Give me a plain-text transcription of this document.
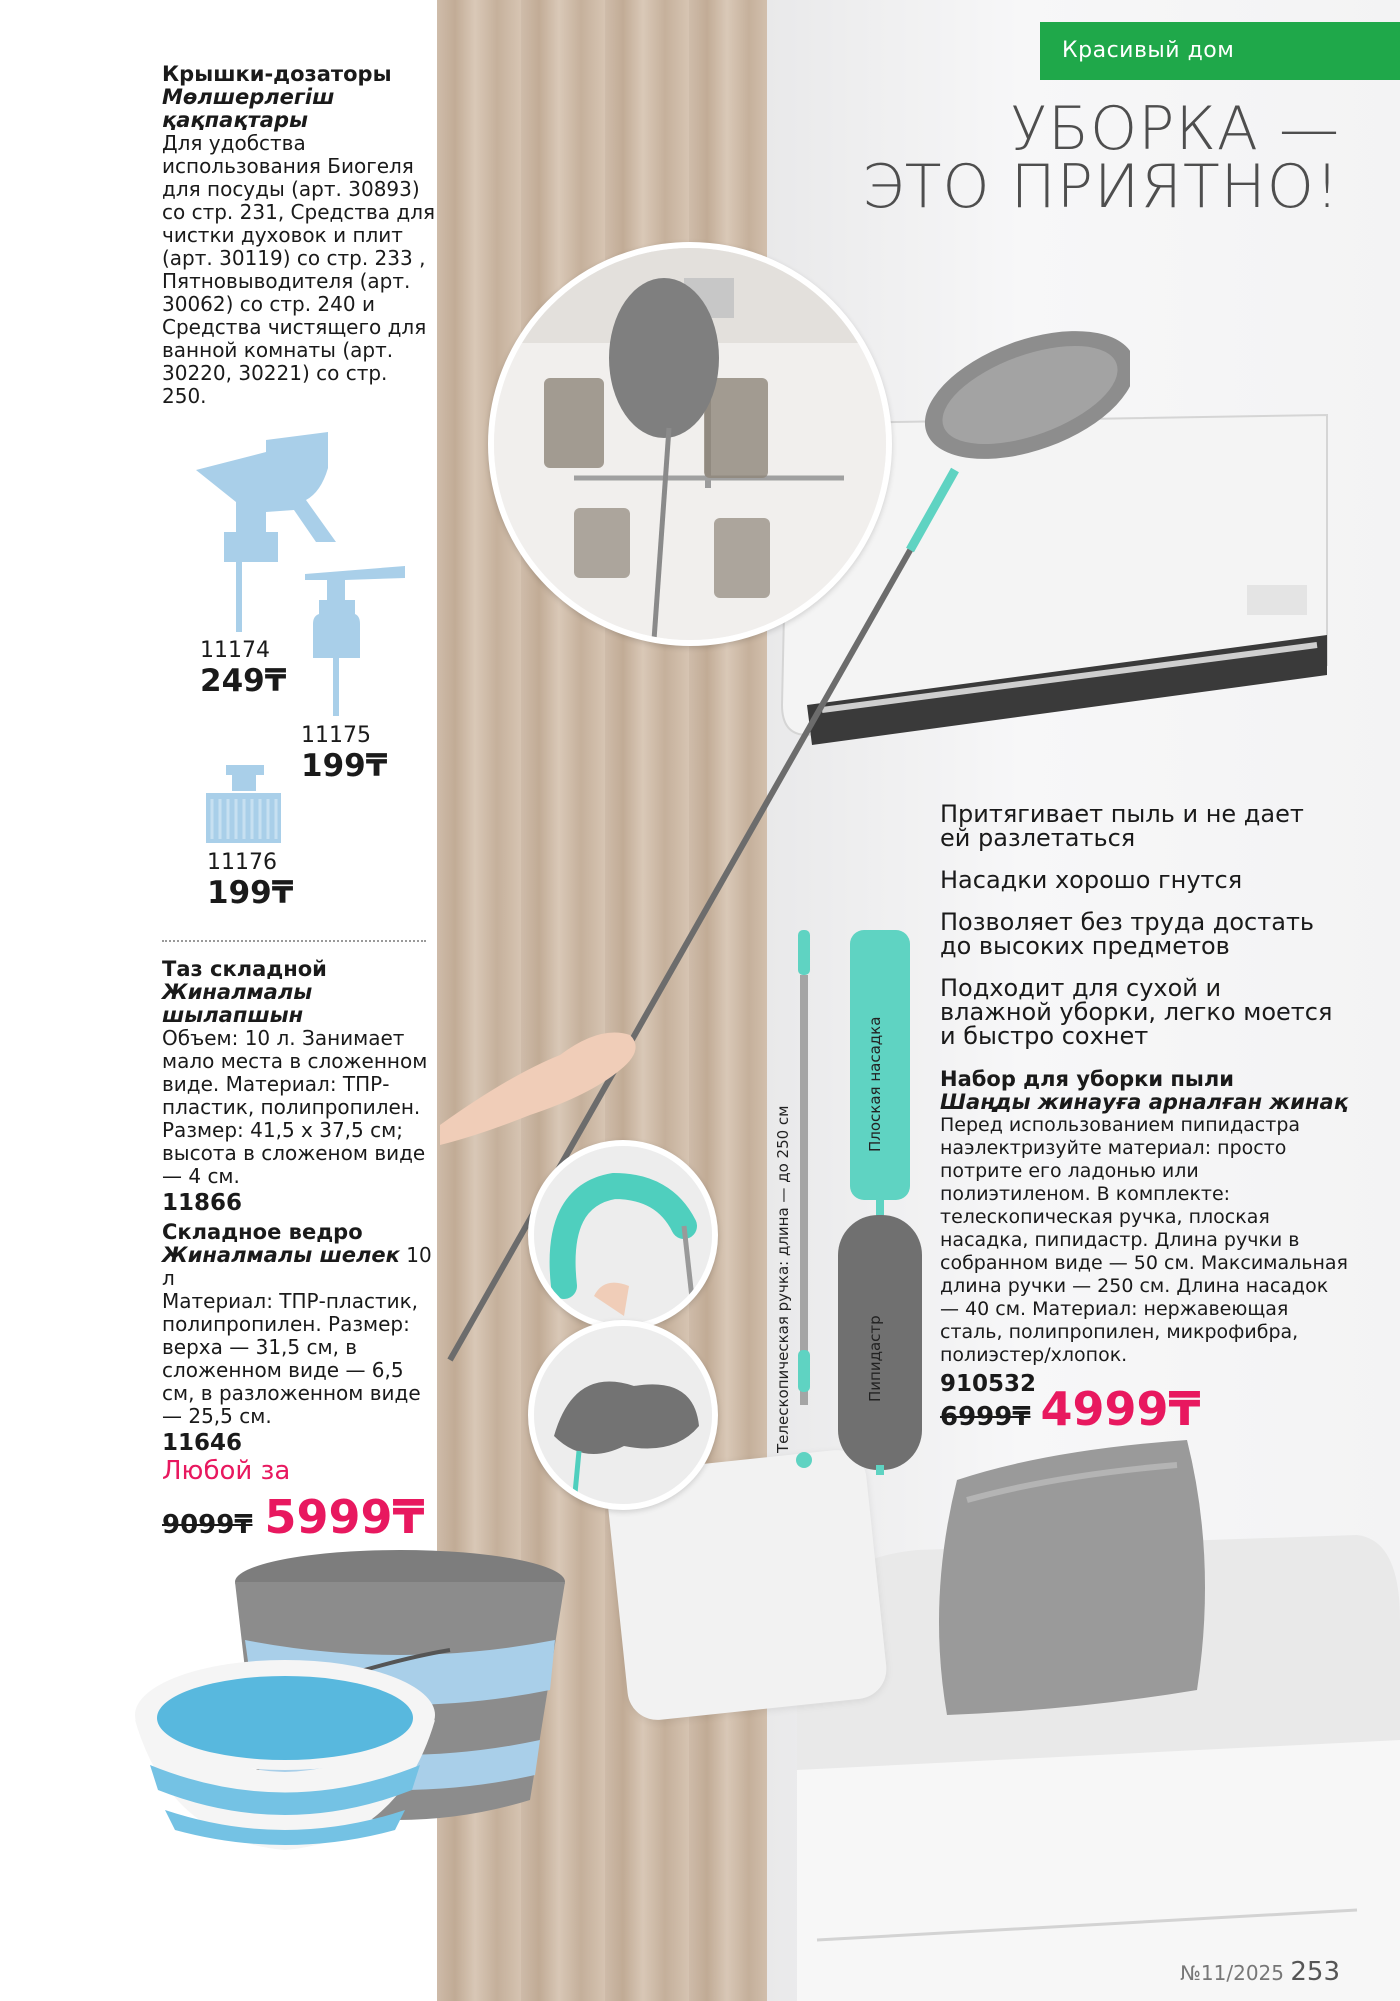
Красивый дом
УБОРКА —
ЭТО ПРИЯТНО!
Крышки-дозаторы
Мөлшерлегіш қақпақтары
Для удобства использования Биогеля для посуды (арт. 30893) со стр. 231, Средства для чистки духовок и плит (арт. 30119) со стр. 233 , Пятновыводителя (арт. 30062) со стр. 240 и Средства чистящего для ванной комнаты (арт. 30220, 30221) со стр. 250.
11174
249₸
11175
199₸
11176
199₸
Таз складной
Жиналмалы шылапшын
Объем: 10 л. Занимает мало места в сложенном виде. Материал: ТПР-пластик, полипропилен. Размер: 41,5 х 37,5 см; высота в сложеном виде — 4 см.
11866
Складное ведро
Жиналмалы шелек 10 л
Материал: ТПР-пластик, полипропилен. Размер: верха — 31,5 см, в сложенном виде — 6,5 см, в разложенном виде — 25,5 см.
11646
Любой за
9099₸ 5999₸
Телескопическая ручка: длина — до 250 см
Плоская насадка
Пипидастр
Притягивает пыль и не дает ей разлетаться
Насадки хорошо гнутся
Позволяет без труда достать до высоких предметов
Подходит для сухой и влажной уборки, легко моется и быстро сохнет
Набор для уборки пыли
Шаңды жинауға арналған жинақ
Перед использованием пипидастра наэлектризуйте материал: просто потрите его ладонью или полиэтиленом. В комплекте: телескопическая ручка, плоская насадка, пипидастр. Длина ручки в собранном виде — 50 см. Максимальная длина ручки — 250 см. Длина насадок — 40 см. Материал: нержавеющая сталь, полипропилен, микрофибра, полиэстер/хлопок.
910532
6999₸ 4999₸
№11/2025 253
